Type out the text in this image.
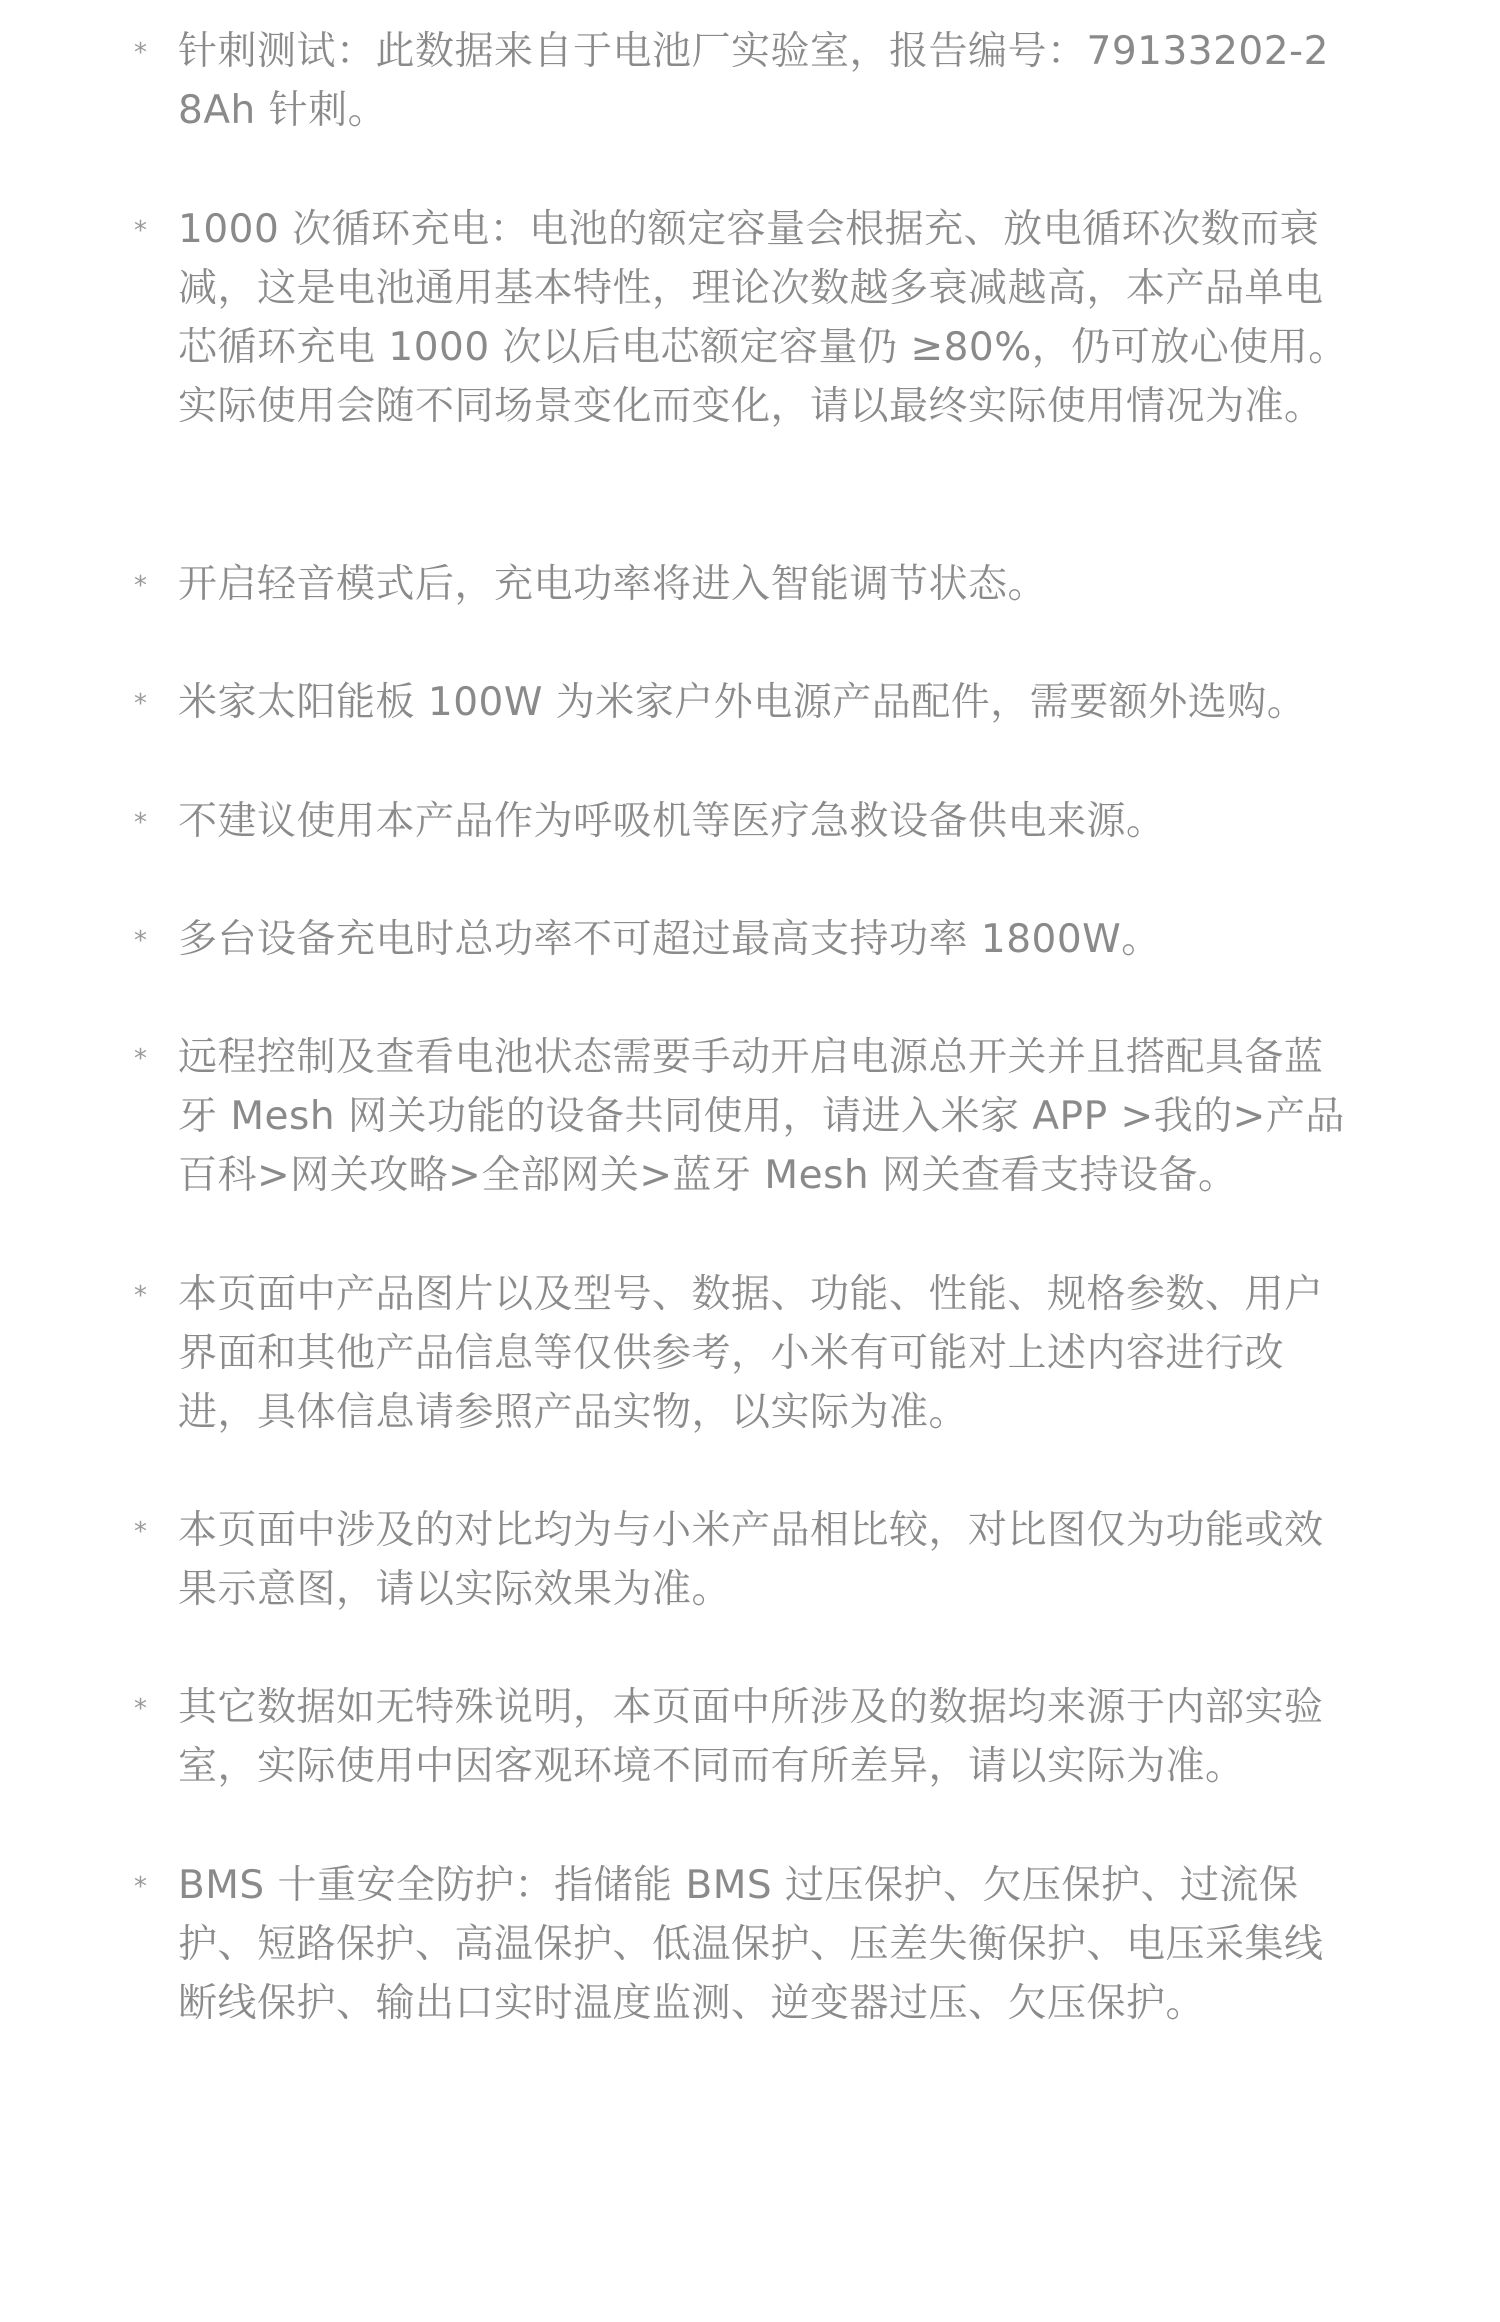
* 针刺测试：此数据来自于电池厂实验室，报告编号：79133202-28Ah 针刺。
* 1000 次循环充电：电池的额定容量会根据充、放电循环次数而衰减，这是电池通用基本特性，理论次数越多衰减越高，本产品单电芯循环充电 1000 次以后电芯额定容量仍 ≥80%，仍可放心使用。实际使用会随不同场景变化而变化，请以最终实际使用情况为准。
* 开启轻音模式后，充电功率将进入智能调节状态。
* 米家太阳能板 100W 为米家户外电源产品配件，需要额外选购。
* 不建议使用本产品作为呼吸机等医疗急救设备供电来源。
* 多台设备充电时总功率不可超过最高支持功率 1800W。
* 远程控制及查看电池状态需要手动开启电源总开关并且搭配具备蓝牙 Mesh 网关功能的设备共同使用，请进入米家 APP >我的>产品百科>网关攻略>全部网关>蓝牙 Mesh 网关查看支持设备。
* 本页面中产品图片以及型号、数据、功能、性能、规格参数、用户界面和其他产品信息等仅供参考，小米有可能对上述内容进行改进，具体信息请参照产品实物，以实际为准。
* 本页面中涉及的对比均为与小米产品相比较，对比图仅为功能或效果示意图，请以实际效果为准。
* 其它数据如无特殊说明，本页面中所涉及的数据均来源于内部实验室，实际使用中因客观环境不同而有所差异，请以实际为准。
* BMS 十重安全防护：指储能 BMS 过压保护、欠压保护、过流保护、短路保护、高温保护、低温保护、压差失衡保护、电压采集线断线保护、输出口实时温度监测、逆变器过压、欠压保护。
